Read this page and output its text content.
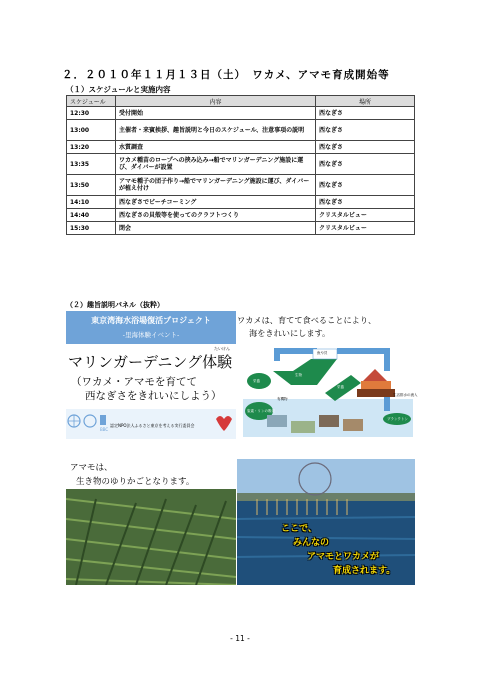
２．２０１０年１１月１３日（土）　ワカメ、アマモ育成開始等
（１）スケジュールと実施内容
スケジュール	内容	場所
12:30	受付開始	西なぎさ
13:00	主催者・来賓挨拶、趣旨説明と今日のスケジュール、注意事項の説明	西なぎさ
13:20	水質調査	西なぎさ
13:35	ワカメ種苗のロープへの挟み込み→船でマリンガーデニング施設に運び、ダイバーが設置	西なぎさ
13:50	アマモ種子の団子作り→船でマリンガーデニング施設に運び、ダイバーが植え付け	西なぎさ
14:10	西なぎさでビーチコーミング	西なぎさ
14:40	西なぎさの貝殻等を使ってのクラフトつくり	クリスタルビュー
15:30	閉会	クリスタルビュー
（２）趣旨説明パネル（抜粋）
東京湾海水浴場復活プロジェクト
-里海体験イベント-
たいけん
マリンガーデニング体験
（ワカメ・アマモを育てて
西なぎさをきれいにしよう）
BBC
認定NPO法人ふるさと東京を考える実行委員会
ワカメは、育てて食べることにより、
海をきれいにします。
魚や貝
生物
栄養
栄養
有機物
生活排水の流入
窒素・リンの吸収
プランクトン
アマモは、
生き物のゆりかごとなります。
ここで、
みんなの
アマモとワカメが
育成されます。
- 11 -
